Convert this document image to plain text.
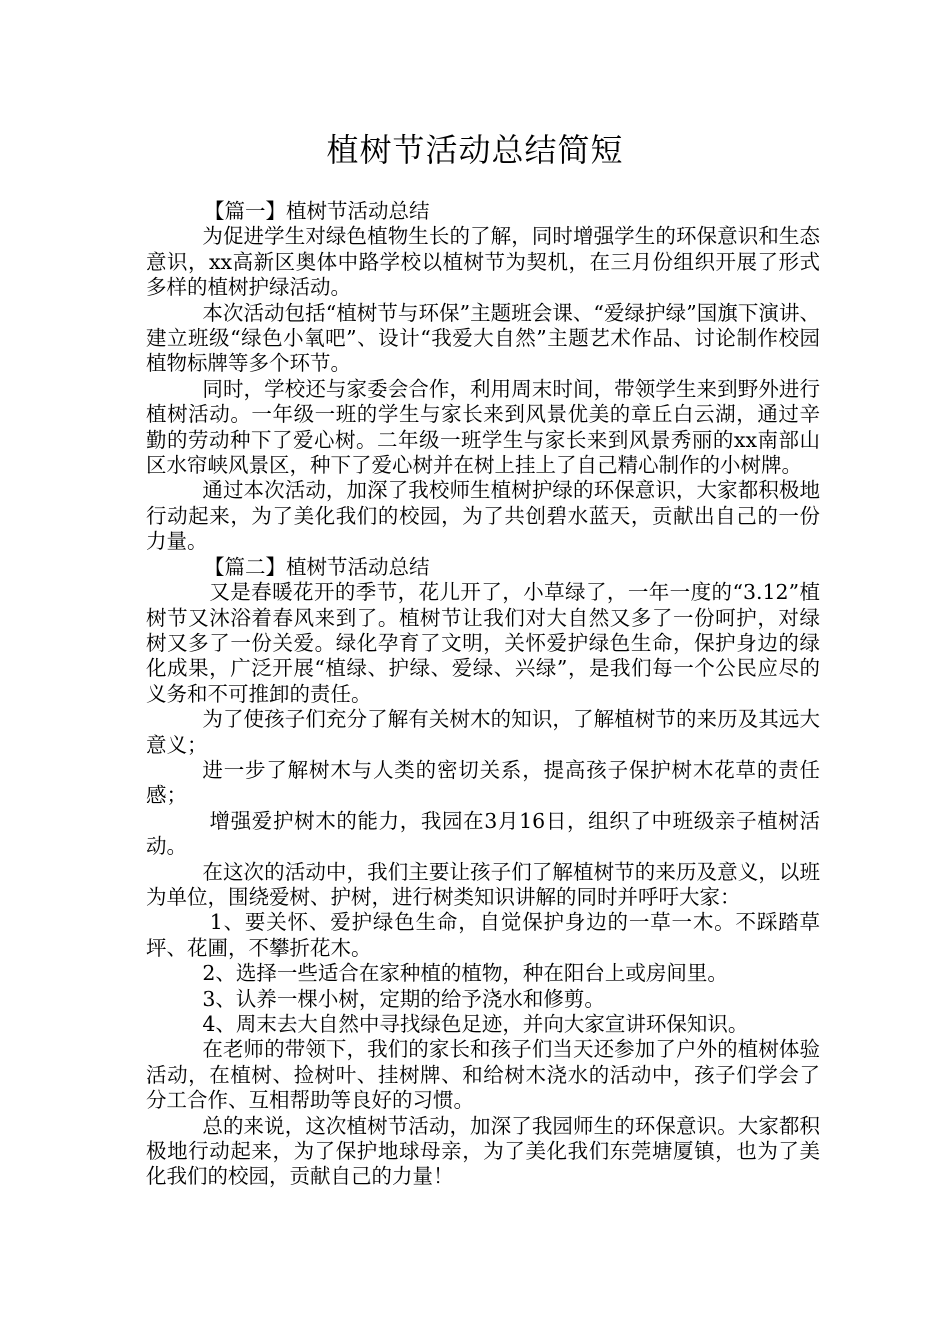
植树节活动总结简短

【篇一】植树节活动总结

为促进学生对绿色植物生长的了解，同时增强学生的环保意识和生态意识，xx高新区奥体中路学校以植树节为契机，在三月份组织开展了形式多样的植树护绿活动。

本次活动包括“植树节与环保”主题班会课、“爱绿护绿”国旗下演讲、建立班级“绿色小氧吧”、设计“我爱大自然”主题艺术作品、讨论制作校园植物标牌等多个环节。

同时，学校还与家委会合作，利用周末时间，带领学生来到野外进行植树活动。一年级一班的学生与家长来到风景优美的章丘白云湖，通过辛勤的劳动种下了爱心树。二年级一班学生与家长来到风景秀丽的xx南部山区水帘峡风景区，种下了爱心树并在树上挂上了自己精心制作的小树牌。

通过本次活动，加深了我校师生植树护绿的环保意识，大家都积极地行动起来，为了美化我们的校园，为了共创碧水蓝天，贡献出自己的一份力量。

【篇二】植树节活动总结

又是春暖花开的季节，花儿开了，小草绿了，一年一度的“3.12”植树节又沐浴着春风来到了。植树节让我们对大自然又多了一份呵护，对绿树又多了一份关爱。绿化孕育了文明，关怀爱护绿色生命，保护身边的绿化成果，广泛开展“植绿、护绿、爱绿、兴绿”，是我们每一个公民应尽的义务和不可推卸的责任。

为了使孩子们充分了解有关树木的知识，了解植树节的来历及其远大意义；

进一步了解树木与人类的密切关系，提高孩子保护树木花草的责任感；

增强爱护树木的能力，我园在3月16日，组织了中班级亲子植树活动。

在这次的活动中，我们主要让孩子们了解植树节的来历及意义，以班为单位，围绕爱树、护树，进行树类知识讲解的同时并呼吁大家：

1、要关怀、爱护绿色生命，自觉保护身边的一草一木。不踩踏草坪、花圃，不攀折花木。

2、选择一些适合在家种植的植物，种在阳台上或房间里。

3、认养一棵小树，定期的给予浇水和修剪。

4、周末去大自然中寻找绿色足迹，并向大家宣讲环保知识。

在老师的带领下，我们的家长和孩子们当天还参加了户外的植树体验活动，在植树、捡树叶、挂树牌、和给树木浇水的活动中，孩子们学会了分工合作、互相帮助等良好的习惯。

总的来说，这次植树节活动，加深了我园师生的环保意识。大家都积极地行动起来，为了保护地球母亲，为了美化我们东莞塘厦镇，也为了美化我们的校园，贡献自己的力量！
